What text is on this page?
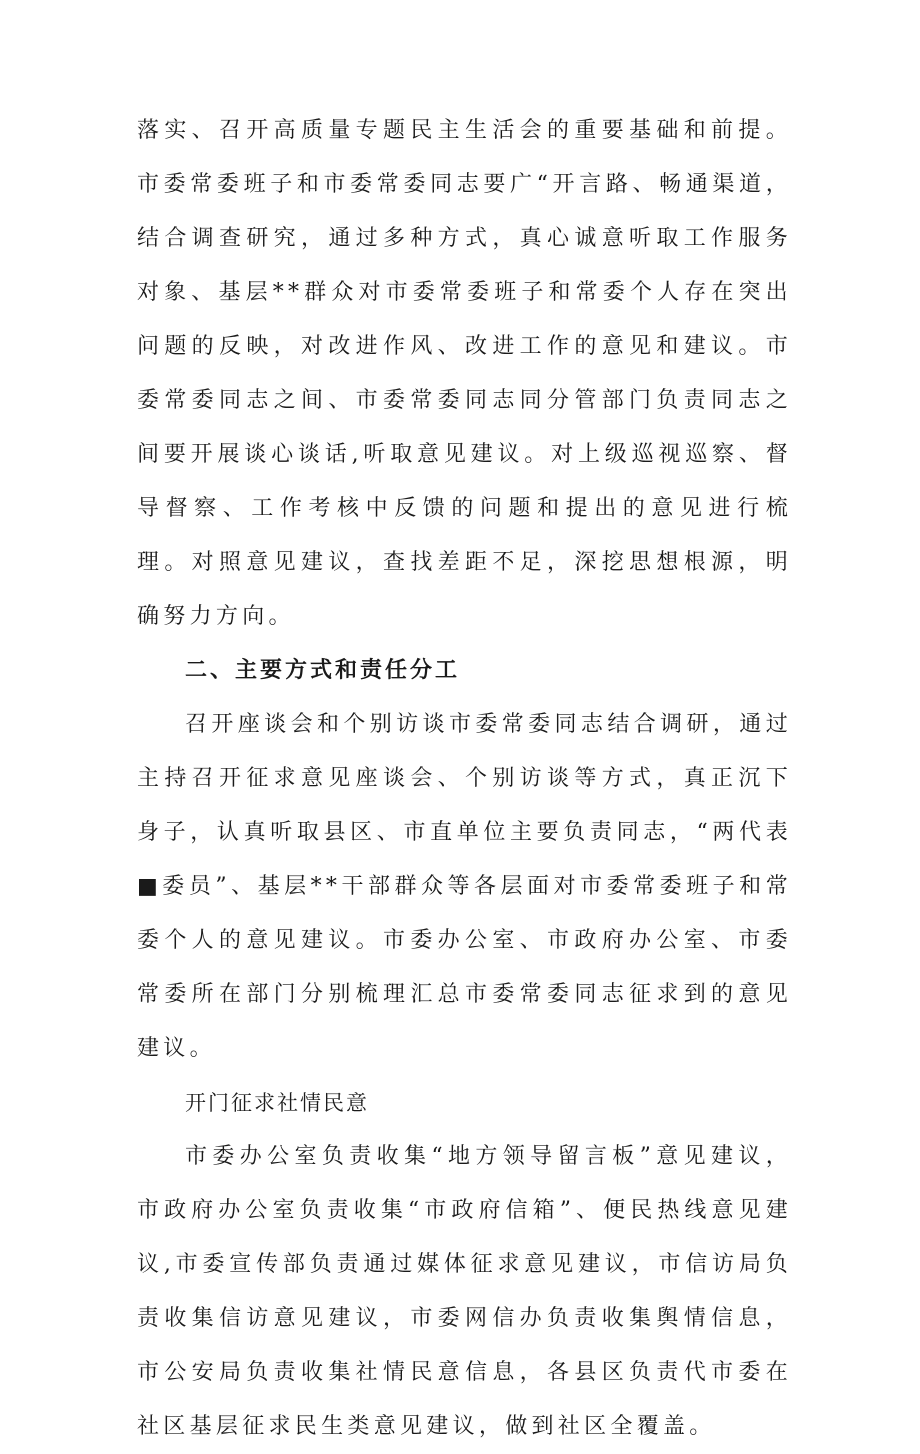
落实、召开高质量专题民主生活会的重要基础和前提。市委常委班子和市委常委同志要广“开言路、畅通渠道，结合调查研究，通过多种方式，真心诚意听取工作服务对象、基层**群众对市委常委班子和常委个人存在突出问题的反映，对改进作风、改进工作的意见和建议。市委常委同志之间、市委常委同志同分管部门负责同志之间要开展谈心谈话,听取意见建议。对上级巡视巡察、督导督察、工作考核中反馈的问题和提出的意见进行梳理。对照意见建议，查找差距不足，深挖思想根源，明确努力方向。

二、主要方式和责任分工

召开座谈会和个别访谈市委常委同志结合调研，通过主持召开征求意见座谈会、个别访谈等方式，真正沉下身子，认真听取县区、市直单位主要负责同志，“两代表■委员”、基层**干部群众等各层面对市委常委班子和常委个人的意见建议。市委办公室、市政府办公室、市委常委所在部门分别梳理汇总市委常委同志征求到的意见建议。

开门征求社情民意

市委办公室负责收集“地方领导留言板”意见建议，市政府办公室负责收集“市政府信箱”、便民热线意见建议,市委宣传部负责通过媒体征求意见建议，市信访局负责收集信访意见建议，市委网信办负责收集舆情信息，市公安局负责收集社情民意信息，各县区负责代市委在社区基层征求民生类意见建议，做到社区全覆盖。
